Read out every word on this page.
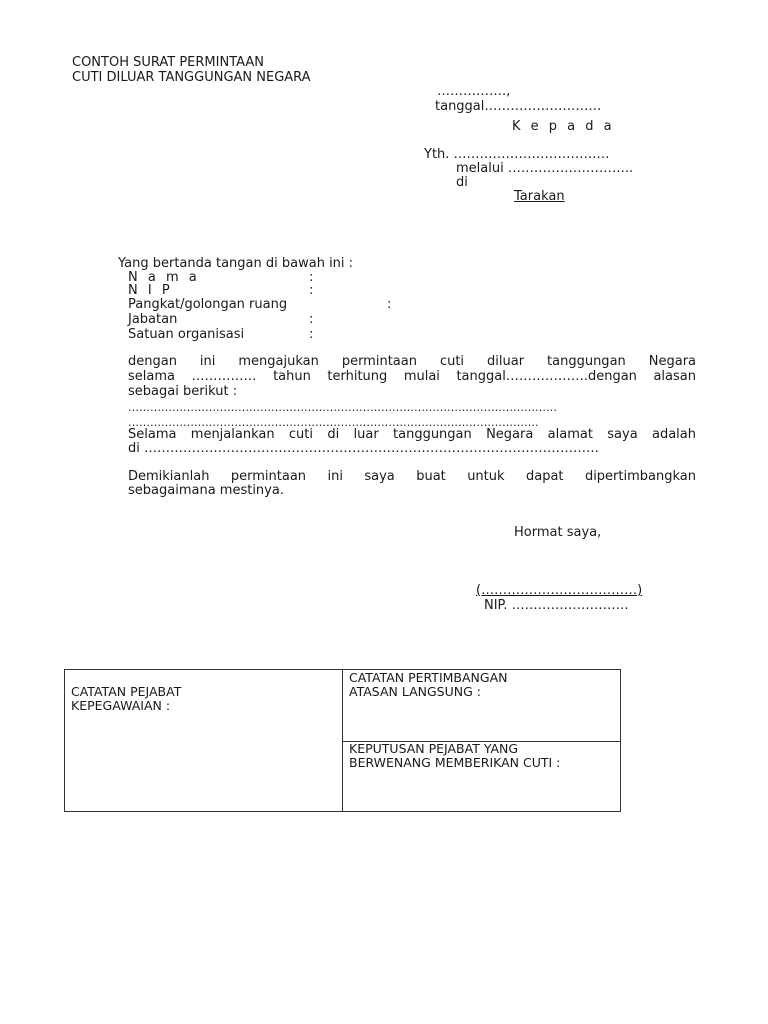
CONTOH SURAT PERMINTAAN
CUTI DILUAR TANGGUNGAN NEGARA
…………….,
tanggal………………………
K e p a d a
Yth. ………………………………
melalui ………………………..
di
Tarakan
Yang bertanda tangan di bawah ini :
N a m a	:
N I P	:
Pangkat/golongan ruang	:
Jabatan	:
Satuan organisasi	:
dengan ini mengajukan permintaan cuti diluar tanggungan Negara
selama …………… tahun terhitung mulai tanggal……………….dengan alasan
sebagai berikut :
………………………………………………………………………………………………………
………………………………………………………………………………………………….
Selama menjalankan cuti di luar tanggungan Negara alamat saya adalah
di ……………………………………………………………………………………………
Demikianlah permintaan ini saya buat untuk dapat dipertimbangkan
sebagaimana mestinya.
Hormat saya,
(………………………………)
NIP. ………………………
CATATAN PEJABAT
KEPEGAWAIAN :
CATATAN PERTIMBANGAN
ATASAN LANGSUNG :
KEPUTUSAN PEJABAT YANG
BERWENANG MEMBERIKAN CUTI :
